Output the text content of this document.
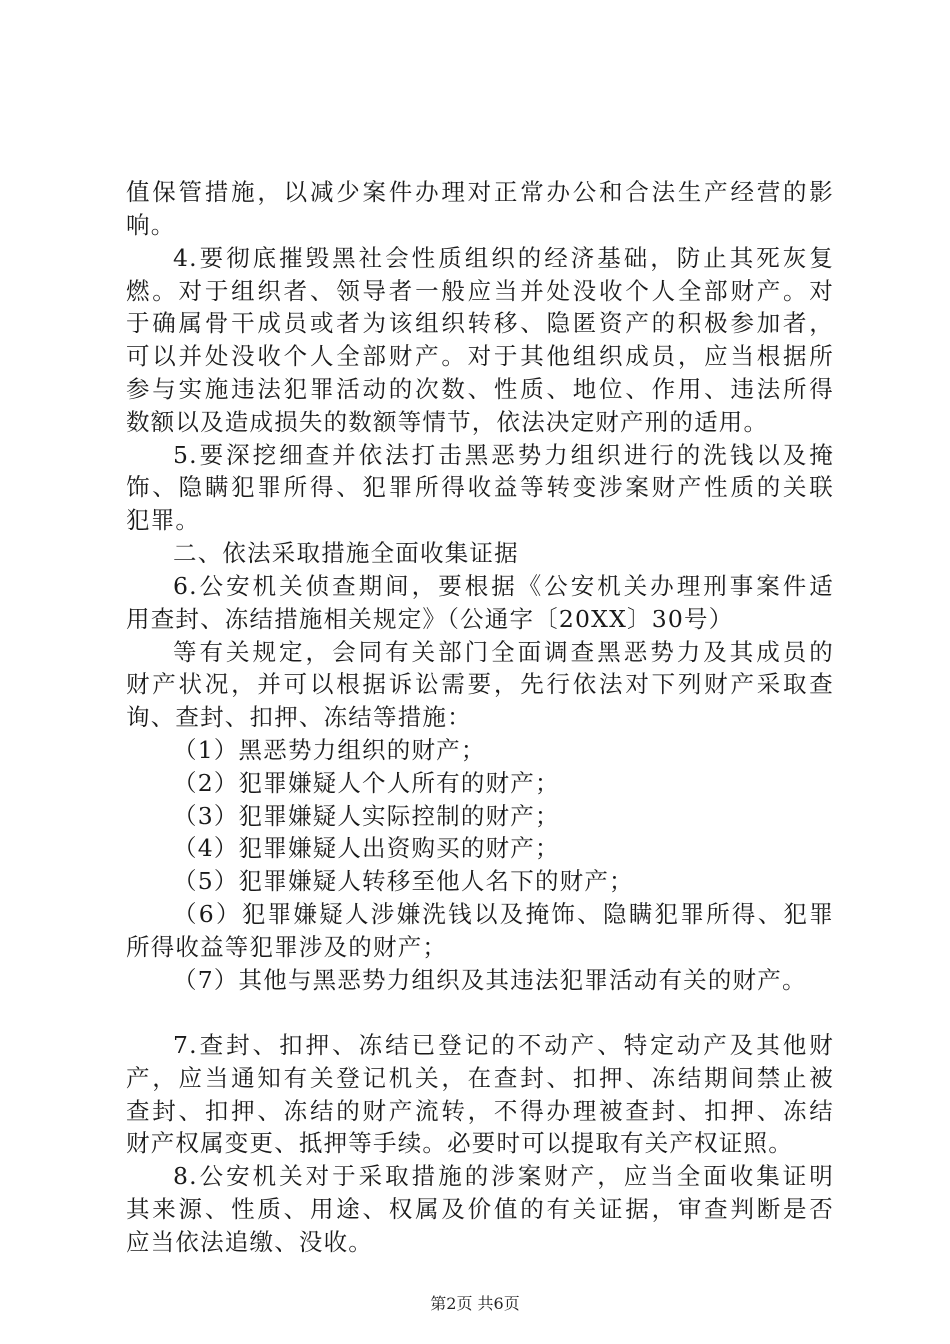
值保管措施，以减少案件办理对正常办公和合法生产经营的影
响。
4.要彻底摧毁黑社会性质组织的经济基础，防止其死灰复
燃。对于组织者、领导者一般应当并处没收个人全部财产。对
于确属骨干成员或者为该组织转移、隐匿资产的积极参加者，
可以并处没收个人全部财产。对于其他组织成员，应当根据所
参与实施违法犯罪活动的次数、性质、地位、作用、违法所得
数额以及造成损失的数额等情节，依法决定财产刑的适用。
5.要深挖细查并依法打击黑恶势力组织进行的洗钱以及掩
饰、隐瞒犯罪所得、犯罪所得收益等转变涉案财产性质的关联
犯罪。
二、依法采取措施全面收集证据
6.公安机关侦查期间，要根据《公安机关办理刑事案件适
用查封、冻结措施相关规定》（公通字〔20XX〕30号）
等有关规定，会同有关部门全面调查黑恶势力及其成员的
财产状况，并可以根据诉讼需要，先行依法对下列财产采取查
询、查封、扣押、冻结等措施：
（1）黑恶势力组织的财产；
（2）犯罪嫌疑人个人所有的财产；
（3）犯罪嫌疑人实际控制的财产；
（4）犯罪嫌疑人出资购买的财产；
（5）犯罪嫌疑人转移至他人名下的财产；
（6）犯罪嫌疑人涉嫌洗钱以及掩饰、隐瞒犯罪所得、犯罪
所得收益等犯罪涉及的财产；
（7）其他与黑恶势力组织及其违法犯罪活动有关的财产。
7.查封、扣押、冻结已登记的不动产、特定动产及其他财
产，应当通知有关登记机关，在查封、扣押、冻结期间禁止被
查封、扣押、冻结的财产流转，不得办理被查封、扣押、冻结
财产权属变更、抵押等手续。必要时可以提取有关产权证照。
8.公安机关对于采取措施的涉案财产，应当全面收集证明
其来源、性质、用途、权属及价值的有关证据，审查判断是否
应当依法追缴、没收。
第2页 共6页
